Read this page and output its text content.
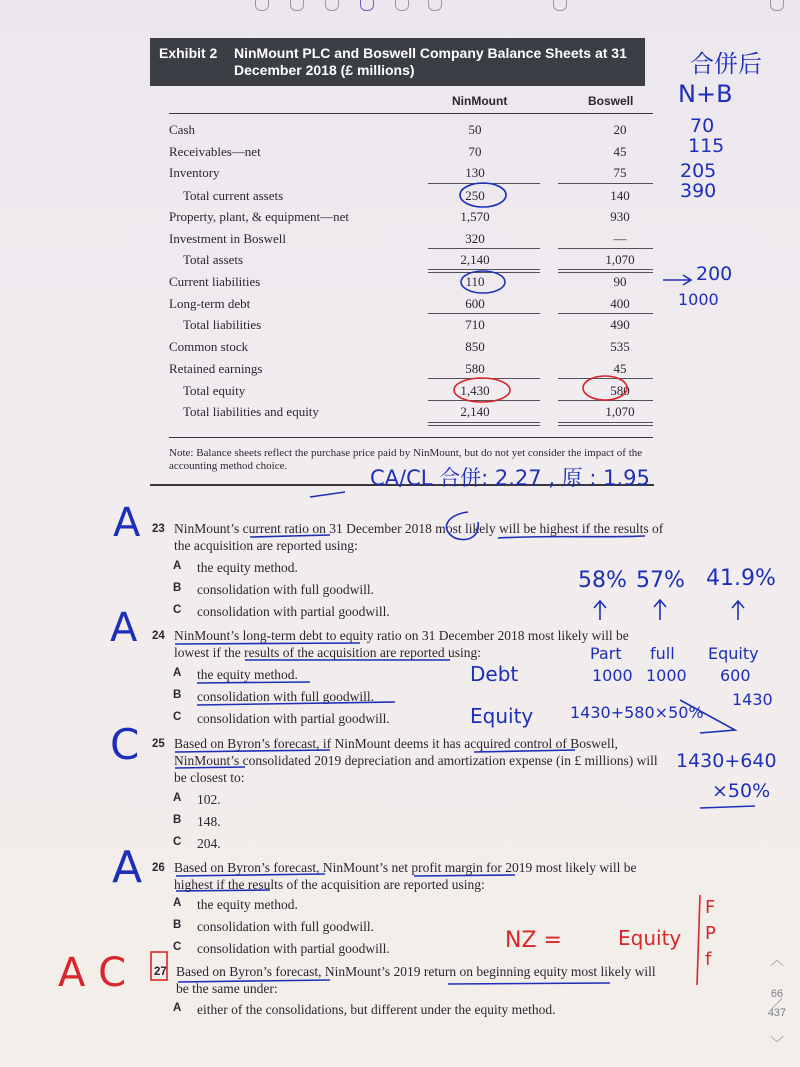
Exhibit 2 NinMount PLC and Boswell Company Balance Sheets at 31 December 2018 (£ millions)
NinMount	Boswell
Cash	50	20
Receivables—net	70	45
Inventory	130	75
Total current assets	250	140
Property, plant, & equipment—net	1,570	930
Investment in Boswell	320	—
Total assets	2,140	1,070
Current liabilities	110	90
Long-term debt	600	400
Total liabilities	710	490
Common stock	850	535
Retained earnings	580	45
Total equity	1,430	580
Total liabilities and equity	2,140	1,070
Note: Balance sheets reflect the purchase price paid by NinMount, but do not yet consider the impact of the accounting method choice.
23 NinMount’s current ratio on 31 December 2018 most likely will be highest if the results of the acquisition are reported using:
A the equity method.
B consolidation with full goodwill.
C consolidation with partial goodwill.
24 NinMount’s long-term debt to equity ratio on 31 December 2018 most likely will be lowest if the results of the acquisition are reported using:
A the equity method.
B consolidation with full goodwill.
C consolidation with partial goodwill.
25 Based on Byron’s forecast, if NinMount deems it has acquired control of Boswell, NinMount’s consolidated 2019 depreciation and amortization expense (in £ millions) will be closest to:
A 102.
B 148.
C 204.
26 Based on Byron’s forecast, NinMount’s net profit margin for 2019 most likely will be highest if the results of the acquisition are reported using:
A the equity method.
B consolidation with full goodwill.
C consolidation with partial goodwill.
27 Based on Byron’s forecast, NinMount’s 2019 return on beginning equity most likely will be the same under:
A either of the consolidations, but different under the equity method.
合併后
N+B
70
115
205
390
200
1000
CA/CL 合併: 2.27 , 原 : 1.95
A
A
C
A
A C
58% 57% 41.9%
Part
1000
full
1000
Equity
600
1430
Debt
Equity 1430+580×50%
1430+640
×50%
NZ =	Equity
F P f	︿
66
437
﹀
